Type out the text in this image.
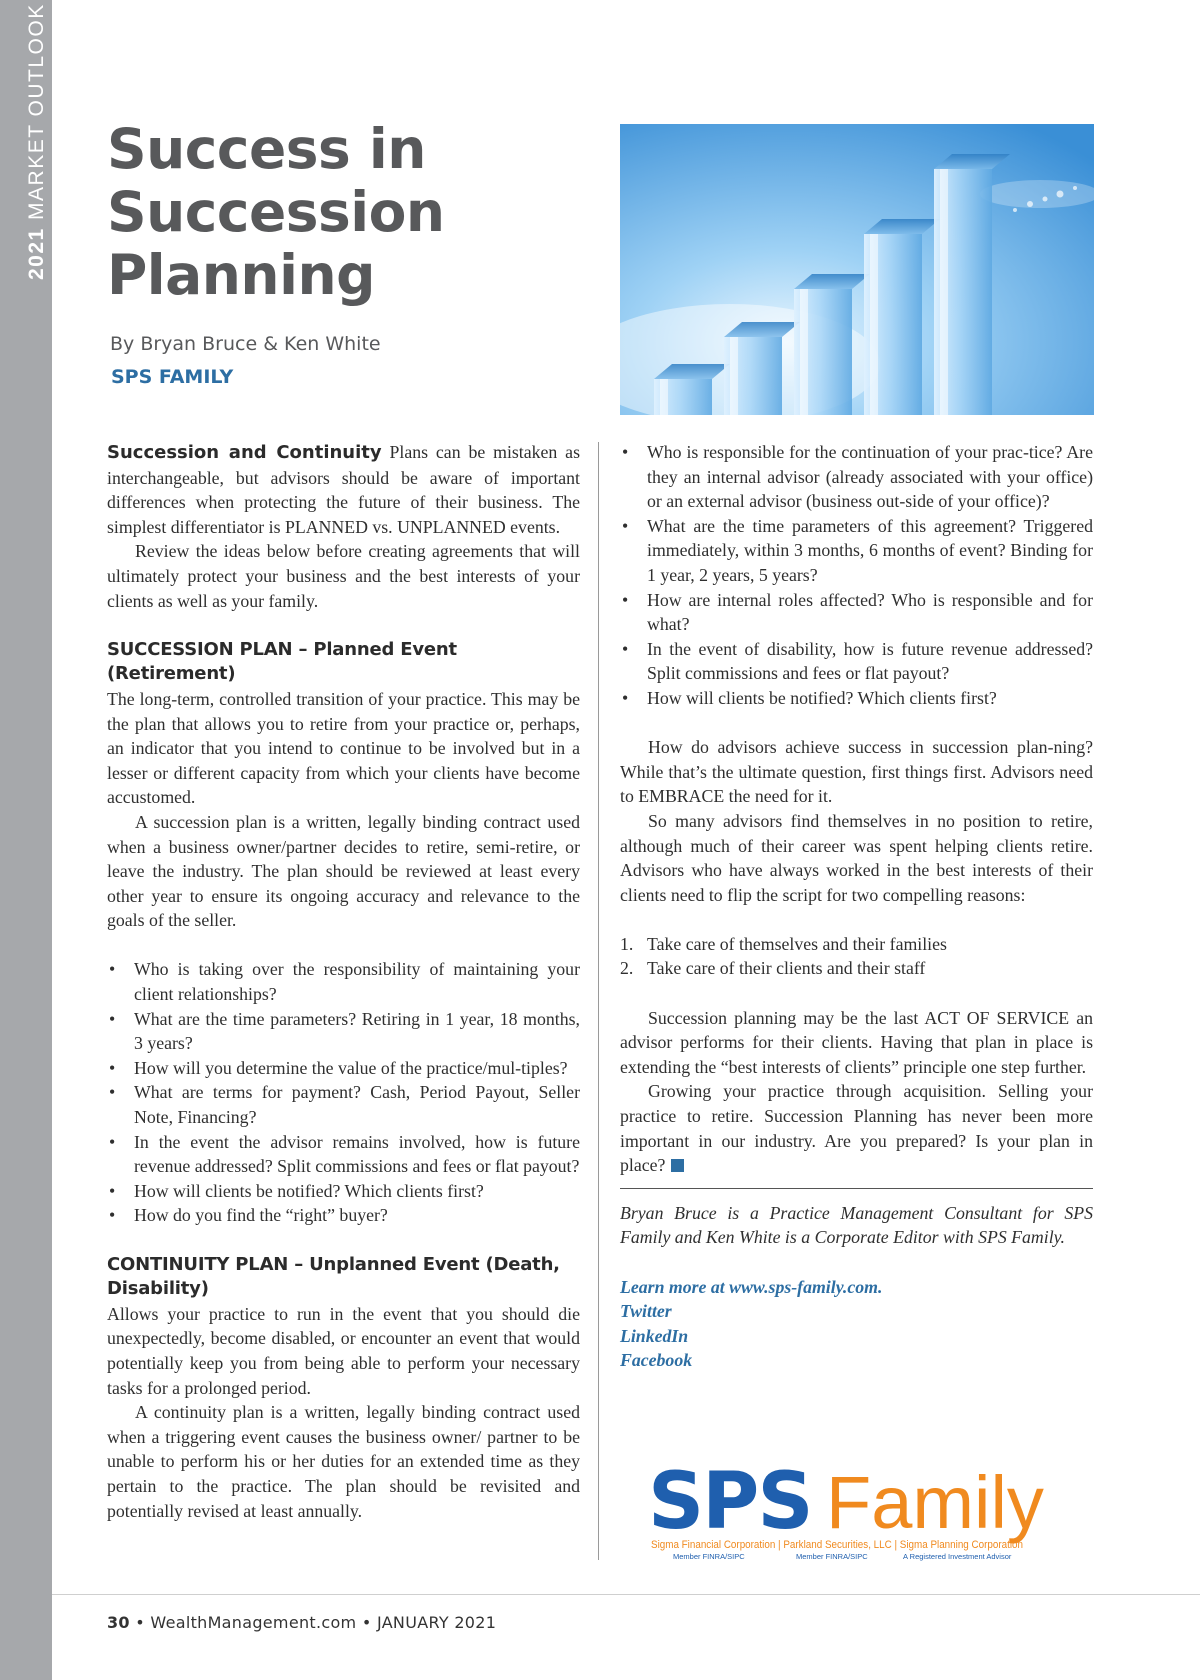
2021 MARKET OUTLOOK Success in Succession Planning
By Bryan Bruce & Ken White
SPS FAMILY

Succession and Continuity Plans can be mistaken as interchangeable, but advisors should be aware of important differences when protecting the future of their business. The simplest differentiator is PLANNED vs. UNPLANNED events.

Review the ideas below before creating agreements that will ultimately protect your business and the best interests of your clients as well as your family.

SUCCESSION PLAN – Planned Event (Retirement)

The long-term, controlled transition of your practice. This may be the plan that allows you to retire from your practice or, perhaps, an indicator that you intend to continue to be involved but in a lesser or different capacity from which your clients have become accustomed.

A succession plan is a written, legally binding contract used when a business owner/partner decides to retire, semi-retire, or leave the industry. The plan should be reviewed at least every other year to ensure its ongoing accuracy and relevance to the goals of the seller.

• Who is taking over the responsibility of maintaining your client relationships?
• What are the time parameters? Retiring in 1 year, 18 months, 3 years?
• How will you determine the value of the practice/mul-tiples?
• What are terms for payment? Cash, Period Payout, Seller Note, Financing?
• In the event the advisor remains involved, how is future revenue addressed? Split commissions and fees or flat payout?
• How will clients be notified? Which clients first?
• How do you find the “right” buyer?
CONTINUITY PLAN – Unplanned Event (Death, Disability)

Allows your practice to run in the event that you should die unexpectedly, become disabled, or encounter an event that would potentially keep you from being able to perform your necessary tasks for a prolonged period.

A continuity plan is a written, legally binding contract used when a triggering event causes the business owner/ partner to be unable to perform his or her duties for an extended time as they pertain to the practice. The plan should be revisited and potentially revised at least annually.

• Who is responsible for the continuation of your prac-tice? Are they an internal advisor (already associated with your office) or an external advisor (business out-side of your office)?
• What are the time parameters of this agreement? Triggered immediately, within 3 months, 6 months of event? Binding for 1 year, 2 years, 5 years?
• How are internal roles affected? Who is responsible and for what?
• In the event of disability, how is future revenue addressed? Split commissions and fees or flat payout?
• How will clients be notified? Which clients first?

How do advisors achieve success in succession plan-ning? While that’s the ultimate question, first things first. Advisors need to EMBRACE the need for it.

So many advisors find themselves in no position to retire, although much of their career was spent helping clients retire. Advisors who have always worked in the best interests of their clients need to flip the script for two compelling reasons:

1. Take care of themselves and their families
2. Take care of their clients and their staff

Succession planning may be the last ACT OF SERVICE an advisor performs for their clients. Having that plan in place is extending the “best interests of clients” principle one step further.

Growing your practice through acquisition. Selling your practice to retire. Succession Planning has never been more important in our industry. Are you prepared? Is your plan in place?

Bryan Bruce is a Practice Management Consultant for SPS Family and Ken White is a Corporate Editor with SPS Family.

Learn more at www.sps-family.com.
Twitter
LinkedIn
Facebook
SPS Family
Sigma Financial Corporation | Parkland Securities, LLC | Sigma Planning Corporation
Member FINRA/SIPC	Member FINRA/SIPC	A Registered Investment Advisor
30 • WealthManagement.com • JANUARY 2021
